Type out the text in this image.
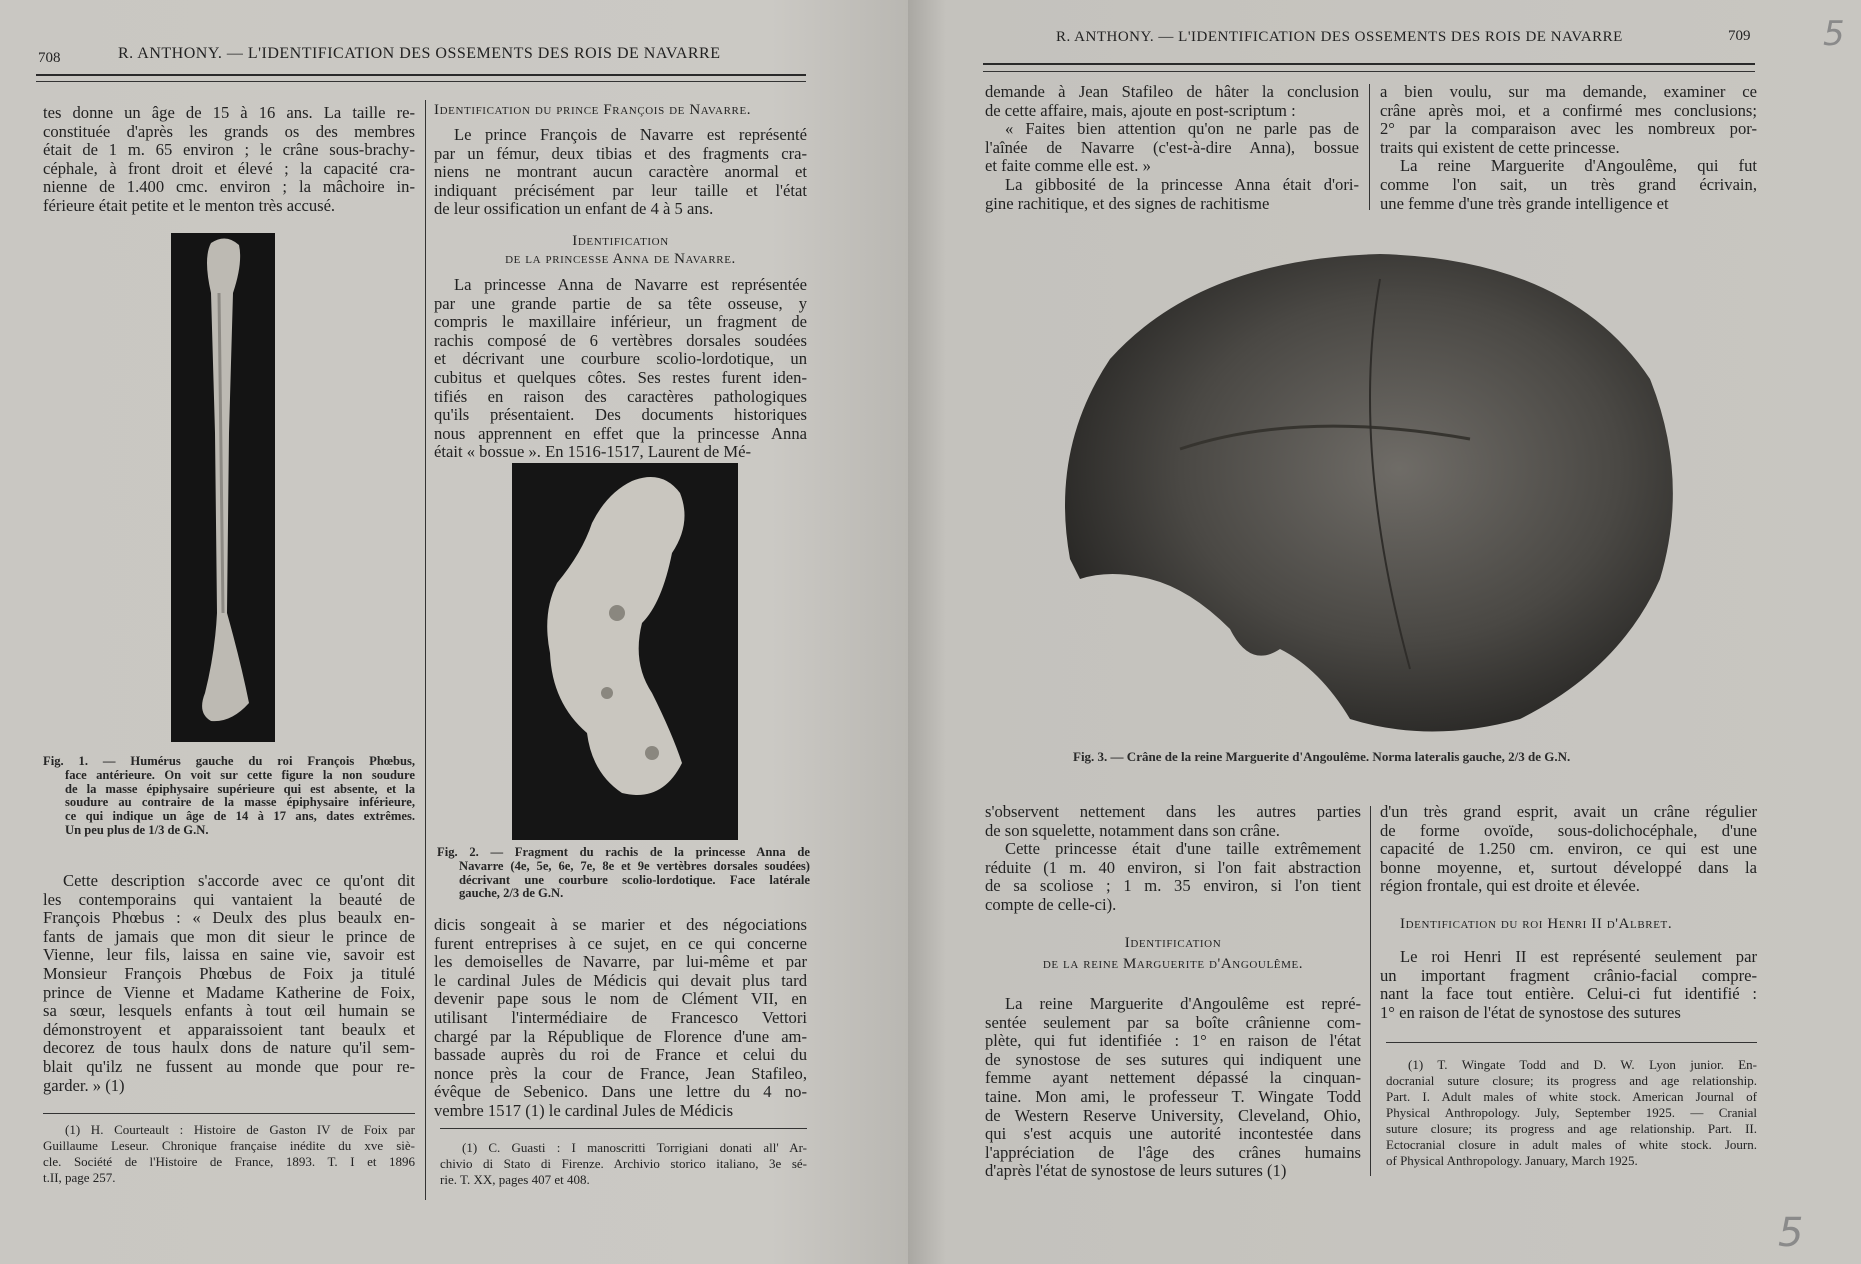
708	R. ANTHONY. — L'IDENTIFICATION DES OSSEMENTS DES ROIS DE NAVARRE
tes donne un âge de 15 à 16 ans. La taille re-
constituée d'après les grands os des membres
était de 1 m. 65 environ ; le crâne sous-brachy-
céphale, à front droit et élevé ; la capacité cra-
nienne de 1.400 cmc. environ ; la mâchoire in-
férieure était petite et le menton très accusé.
Fig. 1. — Humérus gauche du roi François Phœbus,
face antérieure. On voit sur cette figure la non soudure
de la masse épiphysaire supérieure qui est absente, et la
soudure au contraire de la masse épiphysaire inférieure,
ce qui indique un âge de 14 à 17 ans, dates extrêmes.
Un peu plus de 1/3 de G.N.
Cette description s'accorde avec ce qu'ont dit
les contemporains qui vantaient la beauté de
François Phœbus : « Deulx des plus beaulx en-
fants de jamais que mon dit sieur le prince de
Vienne, leur fils, laissa en saine vie, savoir est
Monsieur François Phœbus de Foix ja titulé
prince de Vienne et Madame Katherine de Foix,
sa sœur, lesquels enfants à tout œil humain se
démonstroyent et apparaissoient tant beaulx et
decorez de tous haulx dons de nature qu'il sem-
blait qu'ilz ne fussent au monde que pour re-
garder. » (1)
(1) H. Courteault : Histoire de Gaston IV de Foix par
Guillaume Leseur. Chronique française inédite du xve siè-
cle. Société de l'Histoire de France, 1893. T. I et 1896
t.II, page 257.
Identification du prince François de Navarre.
Le prince François de Navarre est représenté
par un fémur, deux tibias et des fragments cra-
niens ne montrant aucun caractère anormal et
indiquant précisément par leur taille et l'état
de leur ossification un enfant de 4 à 5 ans.
Identification
de la princesse Anna de Navarre.
La princesse Anna de Navarre est représentée
par une grande partie de sa tête osseuse, y
compris le maxillaire inférieur, un fragment de
rachis composé de 6 vertèbres dorsales soudées
et décrivant une courbure scolio-lordotique, un
cubitus et quelques côtes. Ses restes furent iden-
tifiés en raison des caractères pathologiques
qu'ils présentaient. Des documents historiques
nous apprennent en effet que la princesse Anna
était « bossue ». En 1516-1517, Laurent de Mé-
Fig. 2. — Fragment du rachis de la princesse Anna de
Navarre (4e, 5e, 6e, 7e, 8e et 9e vertèbres dorsales soudées)
décrivant une courbure scolio-lordotique. Face latérale
gauche, 2/3 de G.N.
dicis songeait à se marier et des négociations
furent entreprises à ce sujet, en ce qui concerne
les demoiselles de Navarre, par lui-même et par
le cardinal Jules de Médicis qui devait plus tard
devenir pape sous le nom de Clément VII, en
utilisant l'intermédiaire de Francesco Vettori
chargé par la République de Florence d'une am-
bassade auprès du roi de France et celui du
nonce près la cour de France, Jean Stafileo,
évêque de Sebenico. Dans une lettre du 4 no-
vembre 1517 (1) le cardinal Jules de Médicis
(1) C. Guasti : I manoscritti Torrigiani donati all' Ar-
chivio di Stato di Firenze. Archivio storico italiano, 3e sé-
rie. T. XX, pages 407 et 408.
R. ANTHONY. — L'IDENTIFICATION DES OSSEMENTS DES ROIS DE NAVARRE	709 5
5
demande à Jean Stafileo de hâter la conclusion
de cette affaire, mais, ajoute en post-scriptum :
« Faites bien attention qu'on ne parle pas de
l'aînée de Navarre (c'est-à-dire Anna), bossue
et faite comme elle est. »
La gibbosité de la princesse Anna était d'ori-
gine rachitique, et des signes de rachitisme
a bien voulu, sur ma demande, examiner ce
crâne après moi, et a confirmé mes conclusions;
2° par la comparaison avec les nombreux por-
traits qui existent de cette princesse.
La reine Marguerite d'Angoulême, qui fut
comme l'on sait, un très grand écrivain,
une femme d'une très grande intelligence et
Fig. 3. — Crâne de la reine Marguerite d'Angoulême. Norma lateralis gauche, 2/3 de G.N.
s'observent nettement dans les autres parties
de son squelette, notamment dans son crâne.
Cette princesse était d'une taille extrêmement
réduite (1 m. 40 environ, si l'on fait abstraction
de sa scoliose ; 1 m. 35 environ, si l'on tient
compte de celle-ci).
Identification
de la reine Marguerite d'Angoulême.
La reine Marguerite d'Angoulême est repré-
sentée seulement par sa boîte crânienne com-
plète, qui fut identifiée : 1° en raison de l'état
de synostose de ses sutures qui indiquent une
femme ayant nettement dépassé la cinquan-
taine. Mon ami, le professeur T. Wingate Todd
de Western Reserve University, Cleveland, Ohio,
qui s'est acquis une autorité incontestée dans
l'appréciation de l'âge des crânes humains
d'après l'état de synostose de leurs sutures (1)
d'un très grand esprit, avait un crâne régulier
de forme ovoïde, sous-dolichocéphale, d'une
capacité de 1.250 cm. environ, ce qui est une
bonne moyenne, et, surtout développé dans la
région frontale, qui est droite et élevée.
Identification du roi Henri II d'Albret.
Le roi Henri II est représenté seulement par
un important fragment crânio-facial compre-
nant la face tout entière. Celui-ci fut identifié :
1° en raison de l'état de synostose des sutures
(1) T. Wingate Todd and D. W. Lyon junior. En-
docranial suture closure; its progress and age relationship.
Part. I. Adult males of white stock. American Journal of
Physical Anthropology. July, September 1925. — Cranial
suture closure; its progress and age relationship. Part. II.
Ectocranial closure in adult males of white stock. Journ.
of Physical Anthropology. January, March 1925.
